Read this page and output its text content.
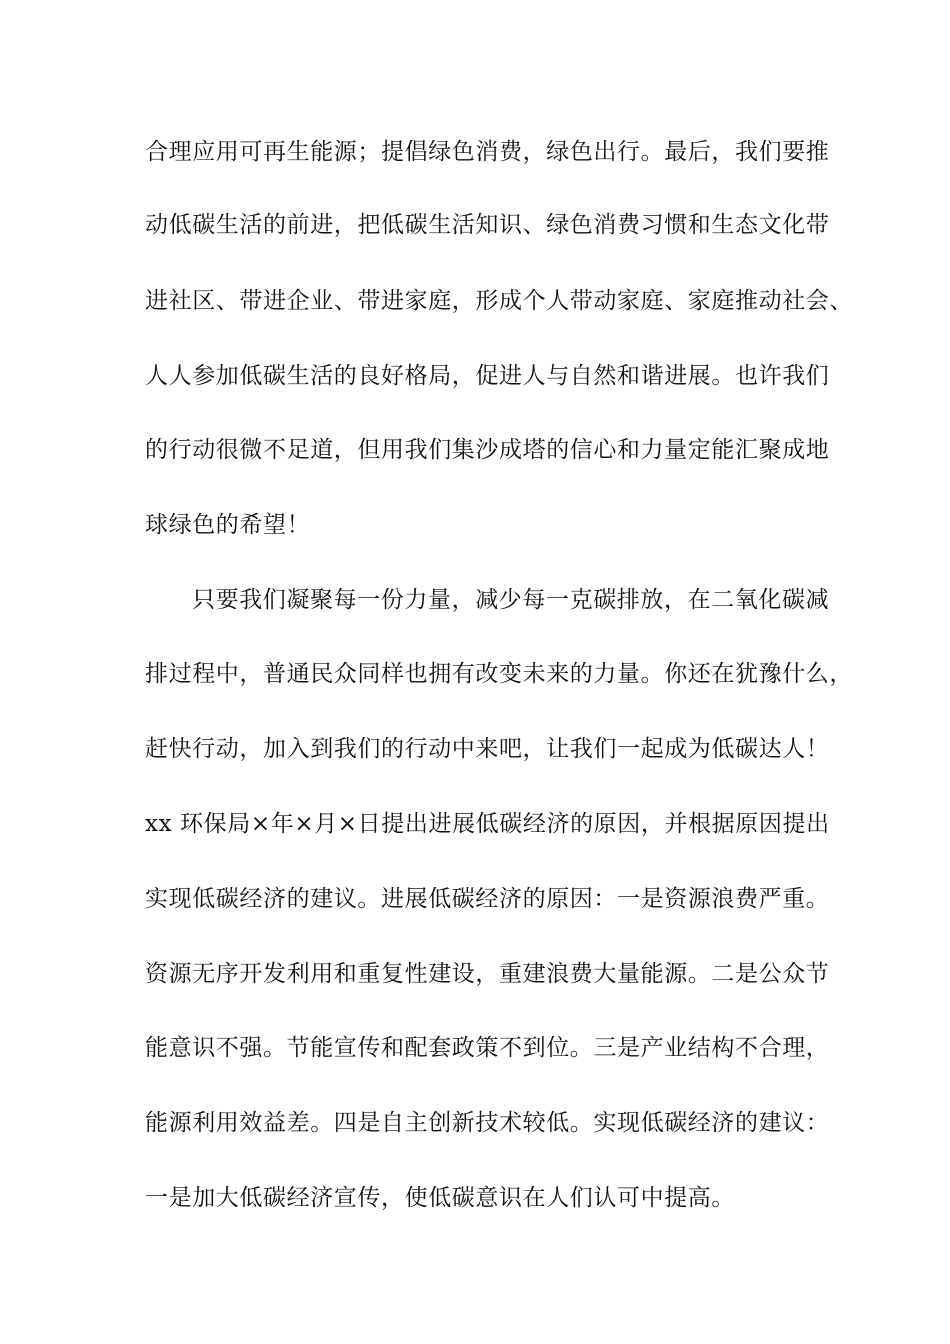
合理应用可再生能源；提倡绿色消费，绿色出行。最后，我们要推
动低碳生活的前进，把低碳生活知识、绿色消费习惯和生态文化带
进社区、带进企业、带进家庭，形成个人带动家庭、家庭推动社会、
人人参加低碳生活的良好格局，促进人与自然和谐进展。也许我们
的行动很微不足道，但用我们集沙成塔的信心和力量定能汇聚成地
球绿色的希望！
只要我们凝聚每一份力量，减少每一克碳排放，在二氧化碳减
排过程中，普通民众同样也拥有改变未来的力量。你还在犹豫什么，
赶快行动，加入到我们的行动中来吧，让我们一起成为低碳达人！
xx 环保局×年×月×日提出进展低碳经济的原因，并根据原因提出
实现低碳经济的建议。进展低碳经济的原因：一是资源浪费严重。
资源无序开发利用和重复性建设，重建浪费大量能源。二是公众节
能意识不强。节能宣传和配套政策不到位。三是产业结构不合理，
能源利用效益差。四是自主创新技术较低。实现低碳经济的建议：
一是加大低碳经济宣传，使低碳意识在人们认可中提高。
